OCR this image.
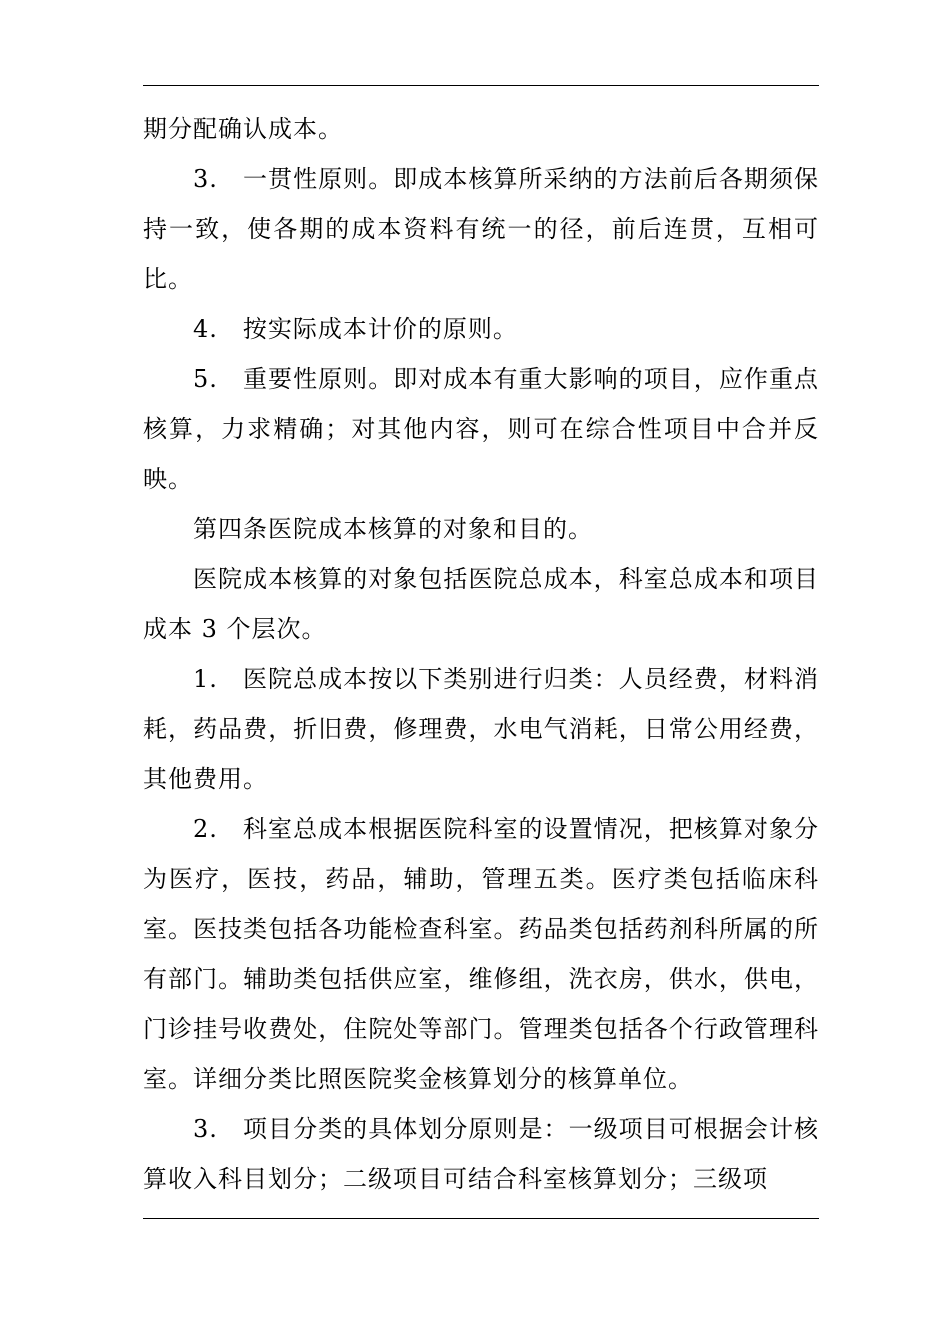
期分配确认成本。

3.　一贯性原则。即成本核算所采纳的方法前后各期须保持一致，使各期的成本资料有统一的径，前后连贯，互相可比。

4.　按实际成本计价的原则。

5.　重要性原则。即对成本有重大影响的项目，应作重点核算，力求精确；对其他内容，则可在综合性项目中合并反映。

第四条医院成本核算的对象和目的。

医院成本核算的对象包括医院总成本，科室总成本和项目成本 3 个层次。

1.　医院总成本按以下类别进行归类：人员经费，材料消耗，药品费，折旧费，修理费，水电气消耗，日常公用经费，其他费用。

2.　科室总成本根据医院科室的设置情况，把核算对象分为医疗，医技，药品，辅助，管理五类。医疗类包括临床科室。医技类包括各功能检查科室。药品类包括药剂科所属的所有部门。辅助类包括供应室，维修组，洗衣房，供水，供电，门诊挂号收费处，住院处等部门。管理类包括各个行政管理科室。详细分类比照医院奖金核算划分的核算单位。

3.　项目分类的具体划分原则是：一级项目可根据会计核算收入科目划分；二级项目可结合科室核算划分；三级项
